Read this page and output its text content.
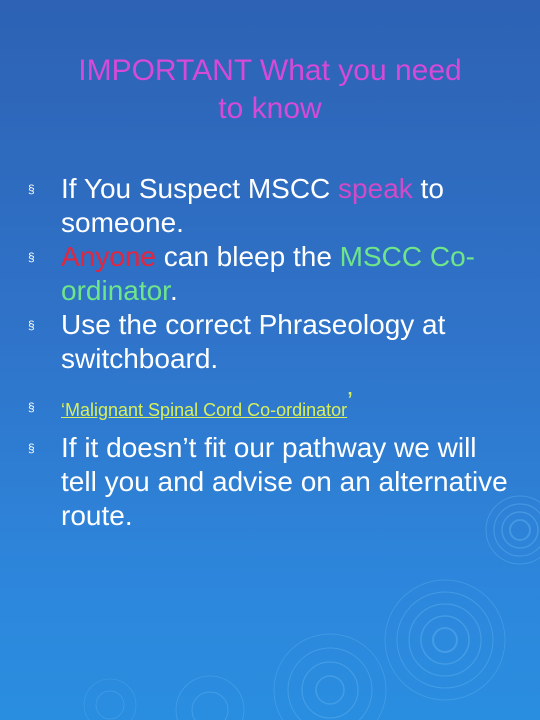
IMPORTANT What you need
to know
§ If You Suspect MSCC speak to someone.
§ Anyone can bleep the MSCC Co-ordinator.
§ Use the correct Phraseology at switchboard.
§ ‘Malignant Spinal Cord Co-ordinator’
§ If it doesn’t fit our pathway we will tell you and advise on an alternative route.
